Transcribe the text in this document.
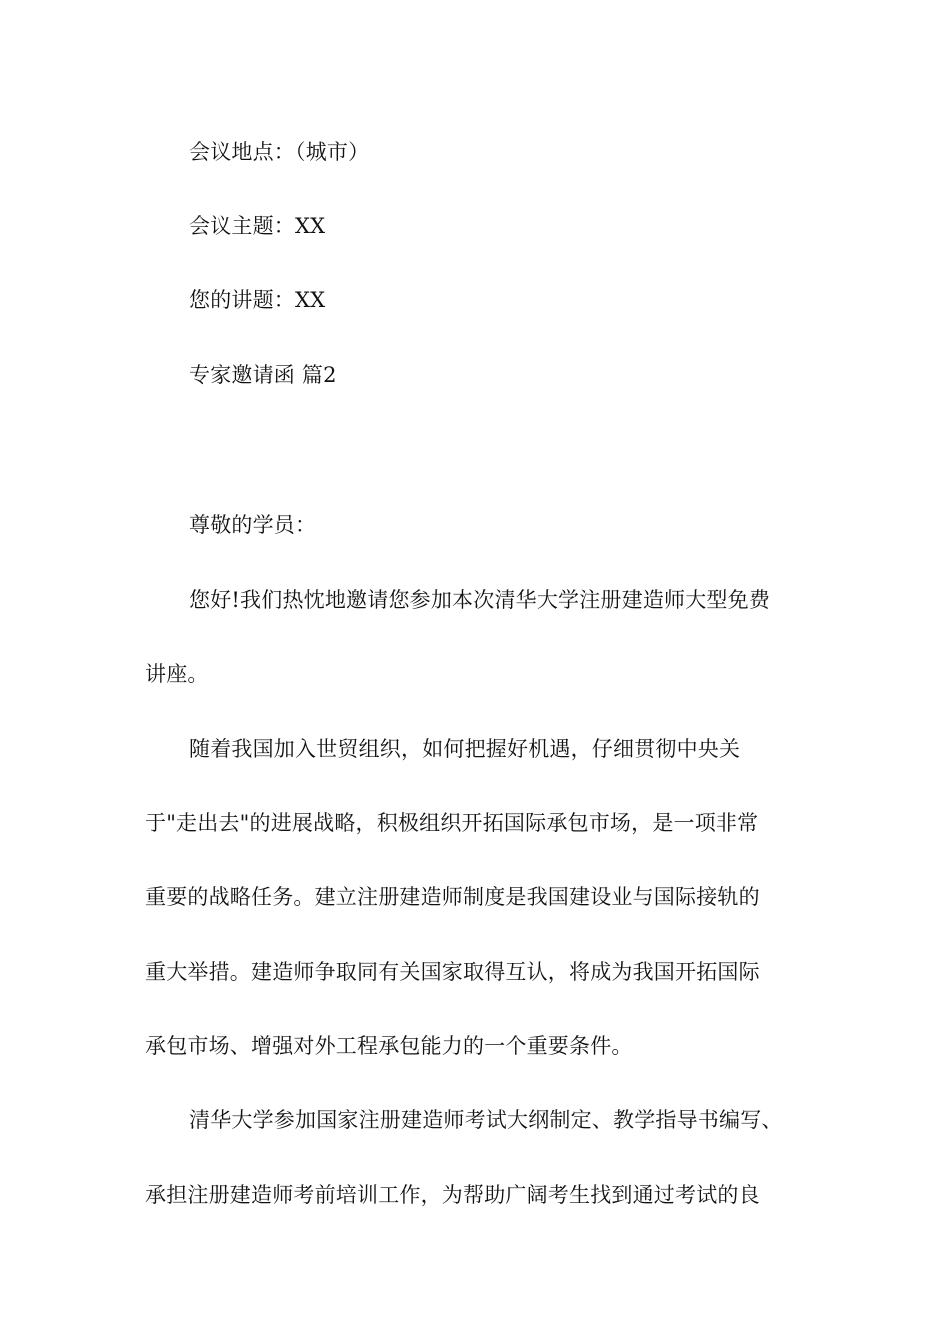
会议地点：（城市）
会议主题：XX
您的讲题：XX
专家邀请函 篇2
尊敬的学员：
您好!我们热忱地邀请您参加本次清华大学注册建造师大型免费
讲座。
随着我国加入世贸组织，如何把握好机遇，仔细贯彻中央关
于"走出去"的进展战略，积极组织开拓国际承包市场，是一项非常
重要的战略任务。建立注册建造师制度是我国建设业与国际接轨的
重大举措。建造师争取同有关国家取得互认，将成为我国开拓国际
承包市场、增强对外工程承包能力的一个重要条件。
清华大学参加国家注册建造师考试大纲制定、教学指导书编写、
承担注册建造师考前培训工作，为帮助广阔考生找到通过考试的良
